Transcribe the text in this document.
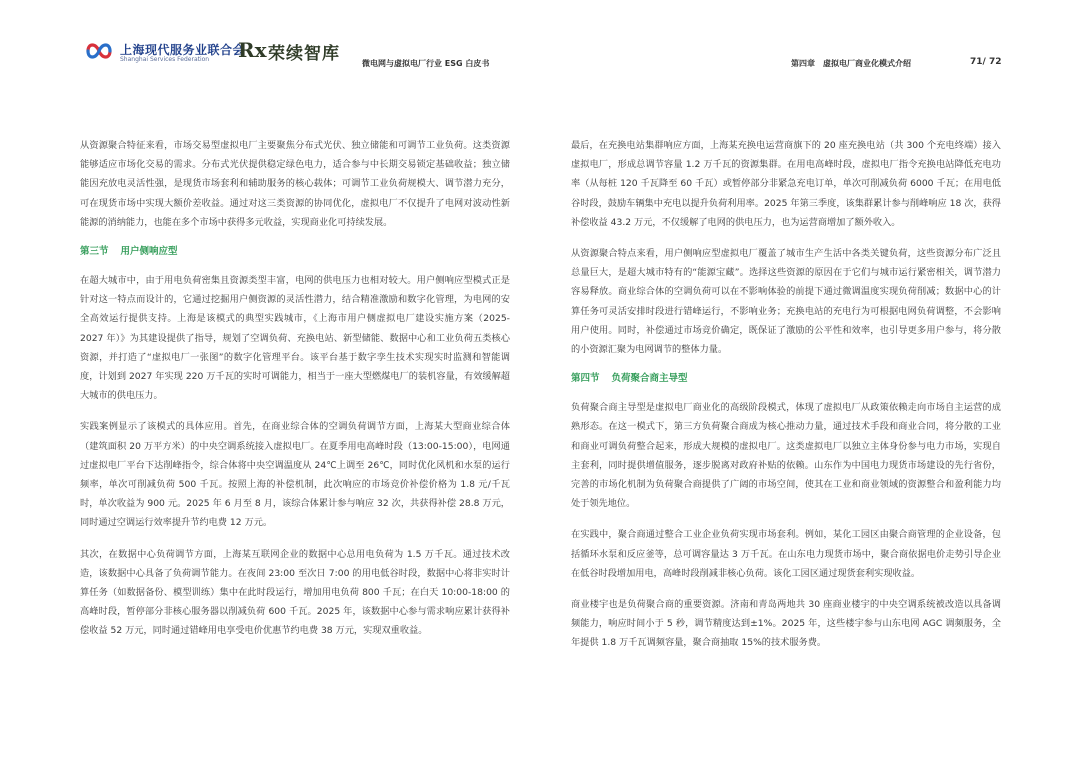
上海现代服务业联合会
Shanghai Services Federation Rx 荣续智库	微电网与虚拟电厂行业 ESG 白皮书	第四章 虚拟电厂商业化模式介绍	71/ 72

从资源聚合特征来看，市场交易型虚拟电厂主要聚焦分布式光伏、独立储能和可调节工业负荷。这类资源能够适应市场化交易的需求。分布式光伏提供稳定绿色电力，适合参与中长期交易锁定基础收益；独立储能因充放电灵活性强，是现货市场套利和辅助服务的核心载体；可调节工业负荷规模大、调节潜力充分，可在现货市场中实现大额价差收益。通过对这三类资源的协同优化，虚拟电厂不仅提升了电网对波动性新能源的消纳能力，也能在多个市场中获得多元收益，实现商业化可持续发展。

第三节 用户侧响应型

在超大城市中，由于用电负荷密集且资源类型丰富，电网的供电压力也相对较大。用户侧响应型模式正是针对这一特点而设计的，它通过挖掘用户侧资源的灵活性潜力，结合精准激励和数字化管理，为电网的安全高效运行提供支持。上海是该模式的典型实践城市，《上海市用户侧虚拟电厂建设实施方案（2025-2027 年）》为其建设提供了指导，规划了空调负荷、充换电站、新型储能、数据中心和工业负荷五类核心资源，并打造了“虚拟电厂一张图”的数字化管理平台。该平台基于数字孪生技术实现实时监测和智能调度，计划到 2027 年实现 220 万千瓦的实时可调能力，相当于一座大型燃煤电厂的装机容量，有效缓解超大城市的供电压力。

实践案例显示了该模式的具体应用。首先，在商业综合体的空调负荷调节方面，上海某大型商业综合体（建筑面积 20 万平方米）的中央空调系统接入虚拟电厂。在夏季用电高峰时段（13:00-15:00），电网通过虚拟电厂平台下达削峰指令，综合体将中央空调温度从 24℃上调至 26℃，同时优化风机和水泵的运行频率，单次可削减负荷 500 千瓦。按照上海的补偿机制，此次响应的市场竞价补偿价格为 1.8 元/千瓦时，单次收益为 900 元。2025 年 6 月至 8 月，该综合体累计参与响应 32 次，共获得补偿 28.8 万元，同时通过空调运行效率提升节约电费 12 万元。

其次，在数据中心负荷调节方面，上海某互联网企业的数据中心总用电负荷为 1.5 万千瓦。通过技术改造，该数据中心具备了负荷调节能力。在夜间 23:00 至次日 7:00 的用电低谷时段，数据中心将非实时计算任务（如数据备份、模型训练）集中在此时段运行，增加用电负荷 800 千瓦；在白天 10:00-18:00 的高峰时段，暂停部分非核心服务器以削减负荷 600 千瓦。2025 年，该数据中心参与需求响应累计获得补偿收益 52 万元，同时通过错峰用电享受电价优惠节约电费 38 万元，实现双重收益。

最后，在充换电站集群响应方面，上海某充换电运营商旗下的 20 座充换电站（共 300 个充电终端）接入虚拟电厂，形成总调节容量 1.2 万千瓦的资源集群。在用电高峰时段，虚拟电厂指令充换电站降低充电功率（从每桩 120 千瓦降至 60 千瓦）或暂停部分非紧急充电订单，单次可削减负荷 6000 千瓦；在用电低谷时段，鼓励车辆集中充电以提升负荷利用率。2025 年第三季度，该集群累计参与削峰响应 18 次，获得补偿收益 43.2 万元，不仅缓解了电网的供电压力，也为运营商增加了额外收入。

从资源聚合特点来看，用户侧响应型虚拟电厂覆盖了城市生产生活中各类关键负荷，这些资源分布广泛且总量巨大，是超大城市特有的“能源宝藏”。选择这些资源的原因在于它们与城市运行紧密相关，调节潜力容易释放。商业综合体的空调负荷可以在不影响体验的前提下通过微调温度实现负荷削减；数据中心的计算任务可灵活安排时段进行错峰运行，不影响业务；充换电站的充电行为可根据电网负荷调整，不会影响用户使用。同时，补偿通过市场竞价确定，既保证了激励的公平性和效率，也引导更多用户参与，将分散的小资源汇聚为电网调节的整体力量。

第四节 负荷聚合商主导型

负荷聚合商主导型是虚拟电厂商业化的高级阶段模式，体现了虚拟电厂从政策依赖走向市场自主运营的成熟形态。在这一模式下，第三方负荷聚合商成为核心推动力量，通过技术手段和商业合同，将分散的工业和商业可调负荷整合起来，形成大规模的虚拟电厂。这类虚拟电厂以独立主体身份参与电力市场，实现自主套利，同时提供增值服务，逐步脱离对政府补贴的依赖。山东作为中国电力现货市场建设的先行省份，完善的市场化机制为负荷聚合商提供了广阔的市场空间，使其在工业和商业领域的资源整合和盈利能力均处于领先地位。

在实践中，聚合商通过整合工业企业负荷实现市场套利。例如，某化工园区由聚合商管理的企业设备，包括循环水泵和反应釜等，总可调容量达 3 万千瓦。在山东电力现货市场中，聚合商依据电价走势引导企业在低谷时段增加用电，高峰时段削减非核心负荷。该化工园区通过现货套利实现收益。

商业楼宇也是负荷聚合商的重要资源。济南和青岛两地共 30 座商业楼宇的中央空调系统被改造以具备调频能力，响应时间小于 5 秒，调节精度达到±1%。2025 年，这些楼宇参与山东电网 AGC 调频服务，全年提供 1.8 万千瓦调频容量，聚合商抽取 15%的技术服务费。
